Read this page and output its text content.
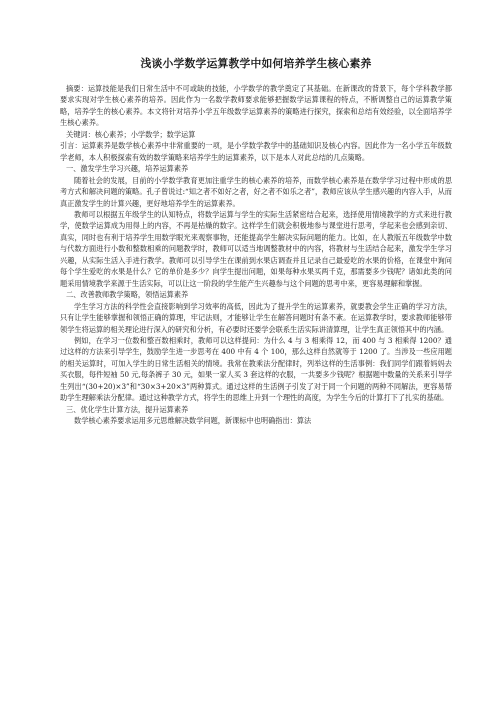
浅谈小学数学运算教学中如何培养学生核心素养

摘要：运算技能是我们日常生活中不可或缺的技能，小学数学的教学奠定了其基础。在新课改的背景下，每个学科教学都要求实现对学生核心素养的培养。因此作为一名数学教师要求能够把握数学运算课程的特点，不断调整自己的运算教学策略，培养学生的核心素养。本文将针对培养小学五年级数学运算素养的策略进行探究，探索和总结有效经验，以全面培养学生核心素养。

关键词：核心素养；小学数学；数学运算

引言：运算素养是数学核心素养中非常重要的一项，是小学数学教学中的基础知识及核心内容。因此作为一名小学五年级数学老师，本人积极探索有效的数学策略来培养学生的运算素养，以下是本人对此总结的几点策略。

一、激发学生学习兴趣，培养运算素养

随着社会的发展，目前的小学数学教育更加注重学生的核心素养的培养，而数学核心素养是在数学学习过程中形成的思考方式和解决问题的策略。孔子曾说过:“知之者不如好之者，好之者不如乐之者”，教师应该从学生感兴趣的内容入手，从而真正激发学生的计算兴趣，更好地培养学生的运算素养。

教师可以根据五年级学生的认知特点，将数学运算与学生的实际生活紧密结合起来，选择使用情境教学的方式来进行教学，使数学运算成为用得上的内容，不再是枯燥的数字。这样学生们就会积极地参与课堂进行思考，学起来也会感到亲切、真实，同时也有利于培养学生用数学眼光来观察事物，还能提高学生解决实际问题的能力。比如，在人教版五年级数学中数与代数方面进行小数和整数相乘的问题教学时，教师可以适当地调整教材中的内容，将教材与生活结合起来，激发学生学习兴趣，从实际生活入手进行教学。教师可以引导学生在课前到水果店调查并且记录自己最爱吃的水果的价格，在课堂中询问每个学生爱吃的水果是什么？它的单价是多少？向学生提出问题，如果每种水果买两千克，那需要多少钱呢？诸如此类的问题采用情境教学来源于生活实际，可以让这一阶段的学生能产生兴趣参与这个问题的思考中来，更容易理解和掌握。

二、改善教师教学策略，领悟运算素养

学生学习方法的科学性会直接影响到学习效率的高低，因此为了提升学生的运算素养，就要教会学生正确的学习方法，只有让学生能够掌握和领悟正确的算理，牢记法则，才能够让学生在解答问题时有条不紊。在运算教学时，要求教师能够带领学生将运算的相关理论进行深入的研究和分析，有必要时还要学会联系生活实际讲清算理，让学生真正领悟其中的内涵。

例如，在学习一位数和整百数相乘时，教师可以这样提问：为什么 4 与 3 相乘得 12，而 400 与 3 相乘得 1200？通过这样的方法来引导学生，鼓励学生进一步思考在 400 中有 4 个 100，那么这样自然就等于 1200 了。当涉及一些应用题的相关运算时，可加入学生的日常生活相关的情境。我常在教乘法分配律时，列举这样的生活事例：我们同学们跟着妈妈去买衣服，每件短袖 50 元,每条裤子 30 元，如果一家人买 3 套这样的衣服，一共要多少钱呢？根据题中数量的关系来引导学生列出“(30+20)×3”和“30×3+20×3”两种算式。通过这样的生活例子引发了对于同一个问题的两种不同解法，更容易帮助学生理解乘法分配律。通过这种教学方式，将学生的思维上升到一个理性的高度，为学生今后的计算打下了扎实的基础。

三、优化学生计算方法，提升运算素养

数学核心素养要求运用多元思维解决数学问题，新课标中也明确指出：算法
